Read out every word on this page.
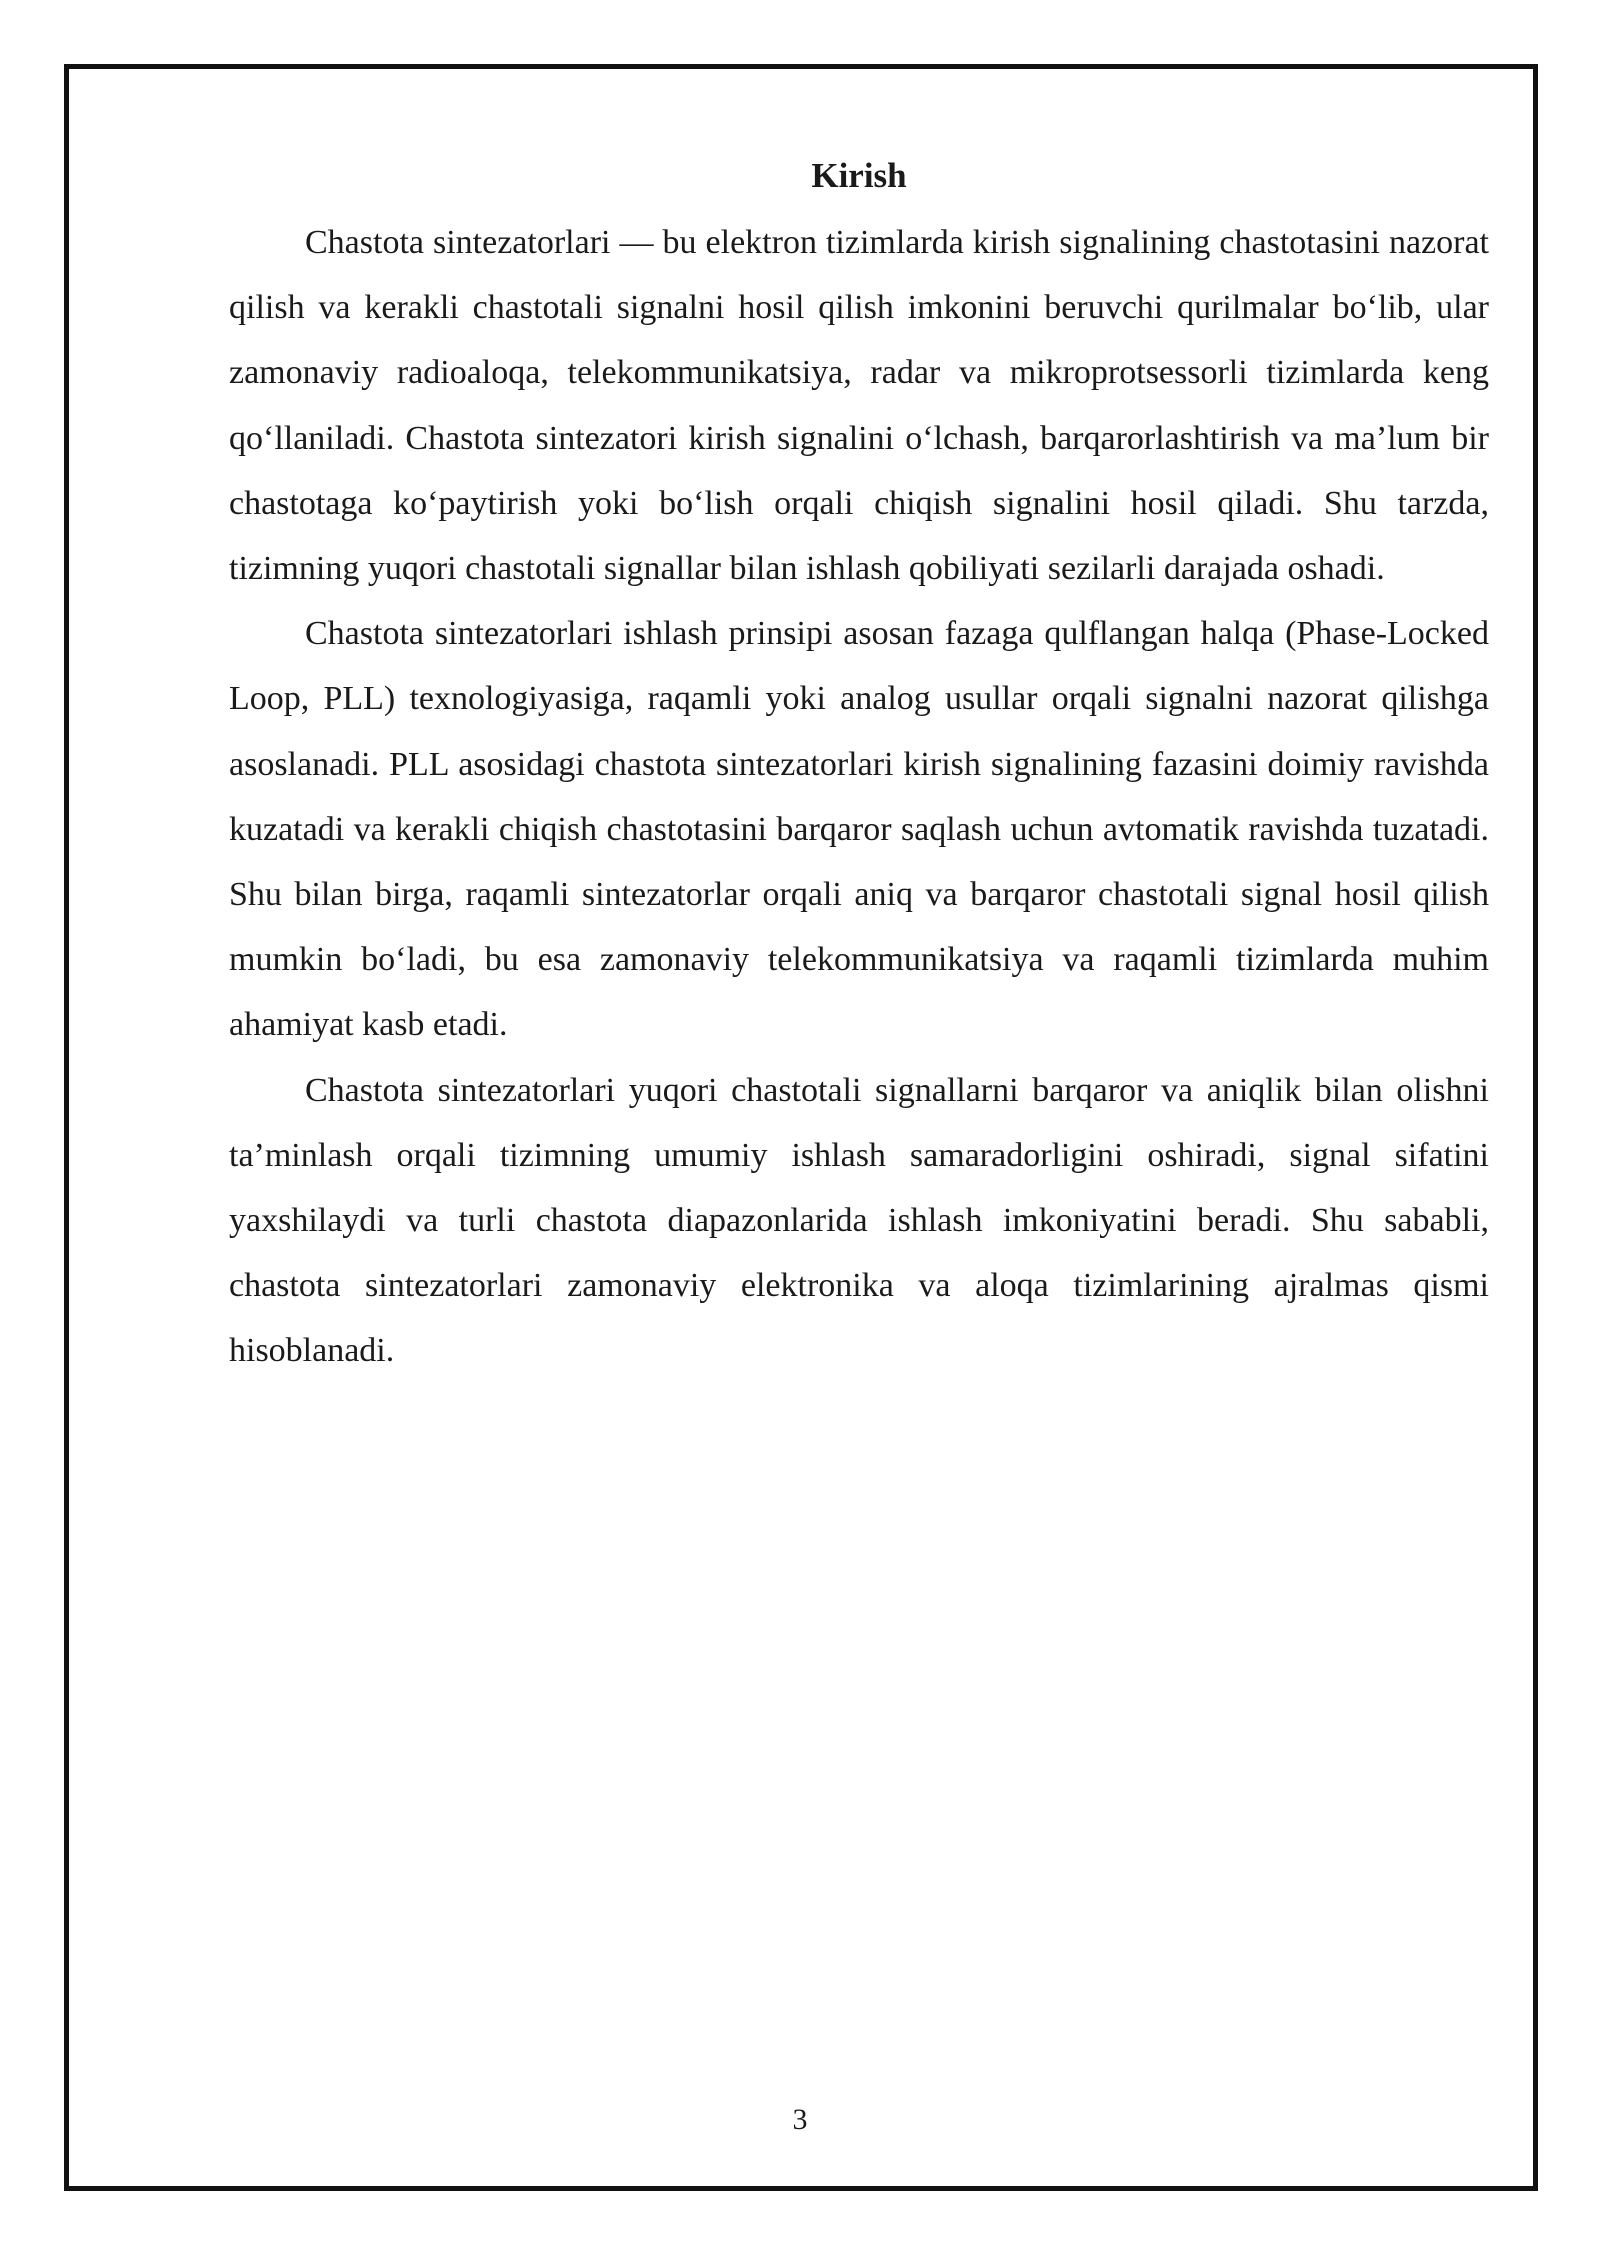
Kirish

Chastota sintezatorlari — bu elektron tizimlarda kirish signalining chastotasini nazorat qilish va kerakli chastotali signalni hosil qilish imkonini beruvchi qurilmalar bo‘lib, ular zamonaviy radioaloqa, telekommunikatsiya, radar va mikroprotsessorli tizimlarda keng qo‘llaniladi. Chastota sintezatori kirish signalini o‘lchash, barqarorlashtirish va ma’lum bir chastotaga ko‘paytirish yoki bo‘lish orqali chiqish signalini hosil qiladi. Shu tarzda, tizimning yuqori chastotali signallar bilan ishlash qobiliyati sezilarli darajada oshadi.

Chastota sintezatorlari ishlash prinsipi asosan fazaga qulflangan halqa (Phase-Locked Loop, PLL) texnologiyasiga, raqamli yoki analog usullar orqali signalni nazorat qilishga asoslanadi. PLL asosidagi chastota sintezatorlari kirish signalining fazasini doimiy ravishda kuzatadi va kerakli chiqish chastotasini barqaror saqlash uchun avtomatik ravishda tuzatadi. Shu bilan birga, raqamli sintezatorlar orqali aniq va barqaror chastotali signal hosil qilish mumkin bo‘ladi, bu esa zamonaviy telekommunikatsiya va raqamli tizimlarda muhim ahamiyat kasb etadi.

Chastota sintezatorlari yuqori chastotali signallarni barqaror va aniqlik bilan olishni ta’minlash orqali tizimning umumiy ishlash samaradorligini oshiradi, signal sifatini yaxshilaydi va turli chastota diapazonlarida ishlash imkoniyatini beradi. Shu sababli, chastota sintezatorlari zamonaviy elektronika va aloqa tizimlarining ajralmas qismi hisoblanadi.

3
